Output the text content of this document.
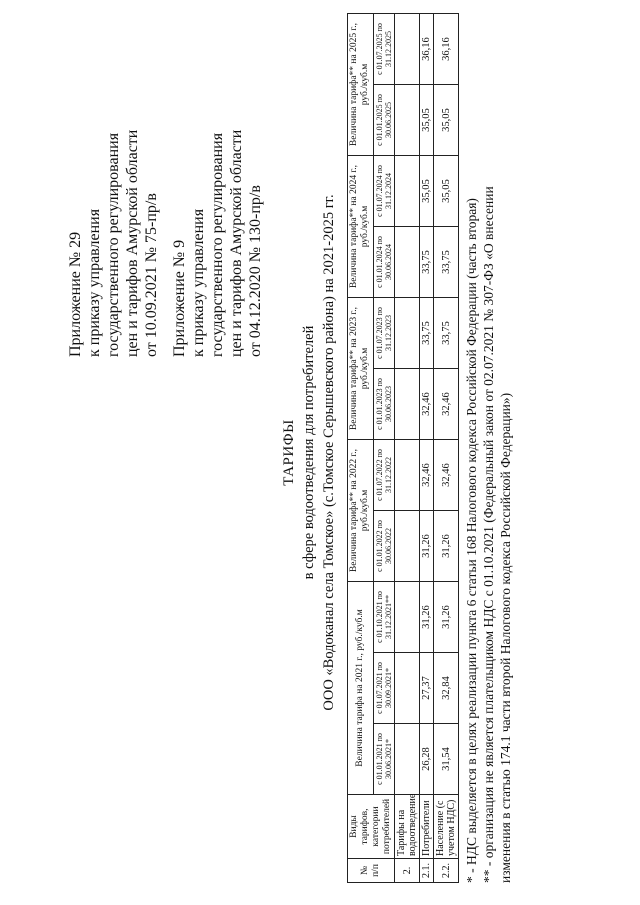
Приложение № 29 к приказу управления государственного регулирования цен и тарифов Амурской области от 10.09.2021 № 75-пр/в Приложение № 9 к приказу управления государственного регулирования цен и тарифов Амурской области от 04.12.2020 № 130-пр/в
ТАРИФЫ в сфере водоотведения для потребителей ООО «Водоканал села Томское» (с.Томское Серышевского района) на 2021-2025 гг.
№ п/п	Виды тарифов, категории потребителей	Величина тарифа на 2021 г., руб./куб.м			Величина тарифа** на 2022 г., руб./куб.м		Величина тарифа** на 2023 г., руб./куб.м		Величина тарифа** на 2024 г., руб./куб.м		Величина тарифа** на 2025 г., руб./куб.м	
		с 01.01.2021 по 30.06.2021*	с 01.07.2021 по 30.09.2021*	с 01.10.2021 по 31.12.2021**	с 01.01.2022 по 30.06.2022	с 01.07.2022 по 31.12.2022	с 01.01.2023 по 30.06.2023	с 01.07.2023 по 31.12.2023	с 01.01.2024 по 30.06.2024	с 01.07.2024 по 31.12.2024	с 01.01.2025 по 30.06.2025	с 01.07.2025 по 31.12.2025
2.	Тарифы на водоотведение											
2.1.	Потребители	26,28	27,37	31,26	31,26	32,46	32,46	33,75	33,75	35,05	35,05	36,16
2.2.	Население (с учетом НДС)	31,54	32,84	31,26	31,26	32,46	32,46	33,75	33,75	35,05	35,05	36,16
* - НДС выделяется в целях реализации пункта 6 статьи 168 Налогового кодекса Российской Федерации (часть вторая) ** - организация не является плательщиком НДС с 01.10.2021 (Федеральный закон от 02.07.2021 № 307-ФЗ «О внесении изменения в статью 174.1 части второй Налогового кодекса Российской Федерации»)
